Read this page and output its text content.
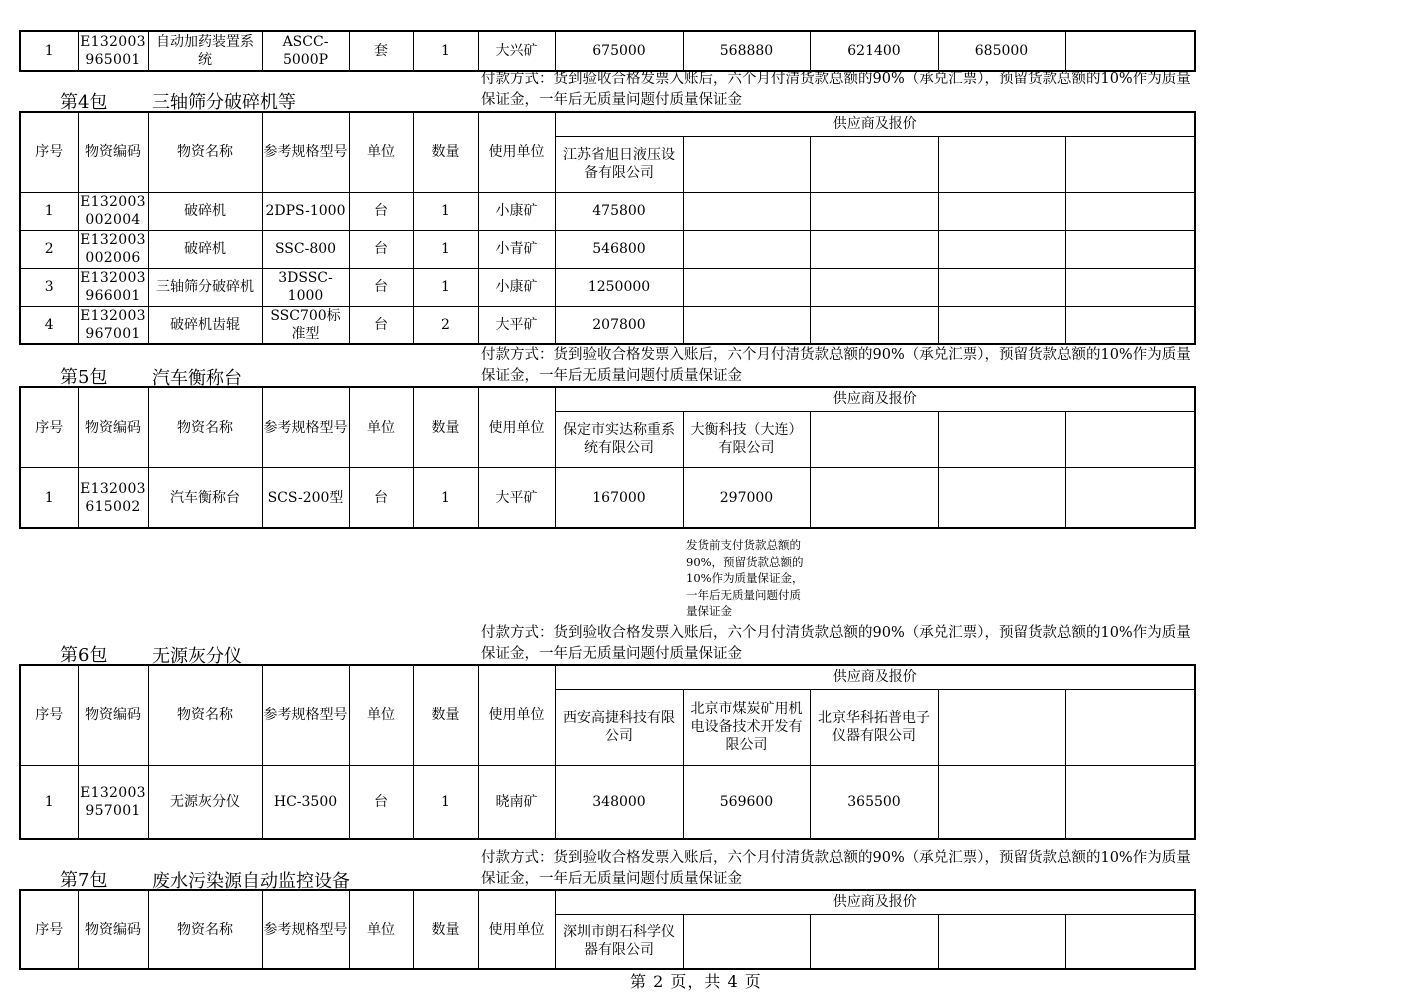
1	E132003965001	自动加药装置系统	ASCC-5000P	套	1	大兴矿	675000	568880	621400	685000	
付款方式：货到验收合格发票入账后，六个月付清货款总额的90%（承兑汇票），预留货款总额的10%作为质量保证金，一年后无质量问题付质量保证金
第4包 三轴筛分破碎机等
序号	物资编码	物资名称	参考规格型号	单位	数量	使用单位	供应商及报价				
							江苏省旭日液压设备有限公司				
1	E132003002004	破碎机	2DPS-1000	台	1	小康矿	475800				
2	E132003002006	破碎机	SSC-800	台	1	小青矿	546800				
3	E132003966001	三轴筛分破碎机	3DSSC-1000	台	1	小康矿	1250000				
4	E132003967001	破碎机齿辊	SSC700标准型	台	2	大平矿	207800				
付款方式：货到验收合格发票入账后，六个月付清货款总额的90%（承兑汇票），预留货款总额的10%作为质量保证金，一年后无质量问题付质量保证金
第5包 汽车衡称台
序号	物资编码	物资名称	参考规格型号	单位	数量	使用单位	供应商及报价				
							保定市实达称重系统有限公司	大衡科技（大连）有限公司			
1	E132003615002	汽车衡称台	SCS-200型	台	1	大平矿	167000	297000			
发货前支付货款总额的90%，预留货款总额的10%作为质量保证金，一年后无质量问题付质量保证金
付款方式：货到验收合格发票入账后，六个月付清货款总额的90%（承兑汇票），预留货款总额的10%作为质量保证金，一年后无质量问题付质量保证金
第6包 无源灰分仪
序号	物资编码	物资名称	参考规格型号	单位	数量	使用单位	供应商及报价				
							西安高捷科技有限公司	北京市煤炭矿用机电设备技术开发有限公司	北京华科拓普电子仪器有限公司		
1	E132003957001	无源灰分仪	HC-3500	台	1	晓南矿	348000	569600	365500		
付款方式：货到验收合格发票入账后，六个月付清货款总额的90%（承兑汇票），预留货款总额的10%作为质量保证金，一年后无质量问题付质量保证金
第7包 废水污染源自动监控设备
序号	物资编码	物资名称	参考规格型号	单位	数量	使用单位	供应商及报价				
							深圳市朗石科学仪器有限公司				
第 2 页，共 4 页
